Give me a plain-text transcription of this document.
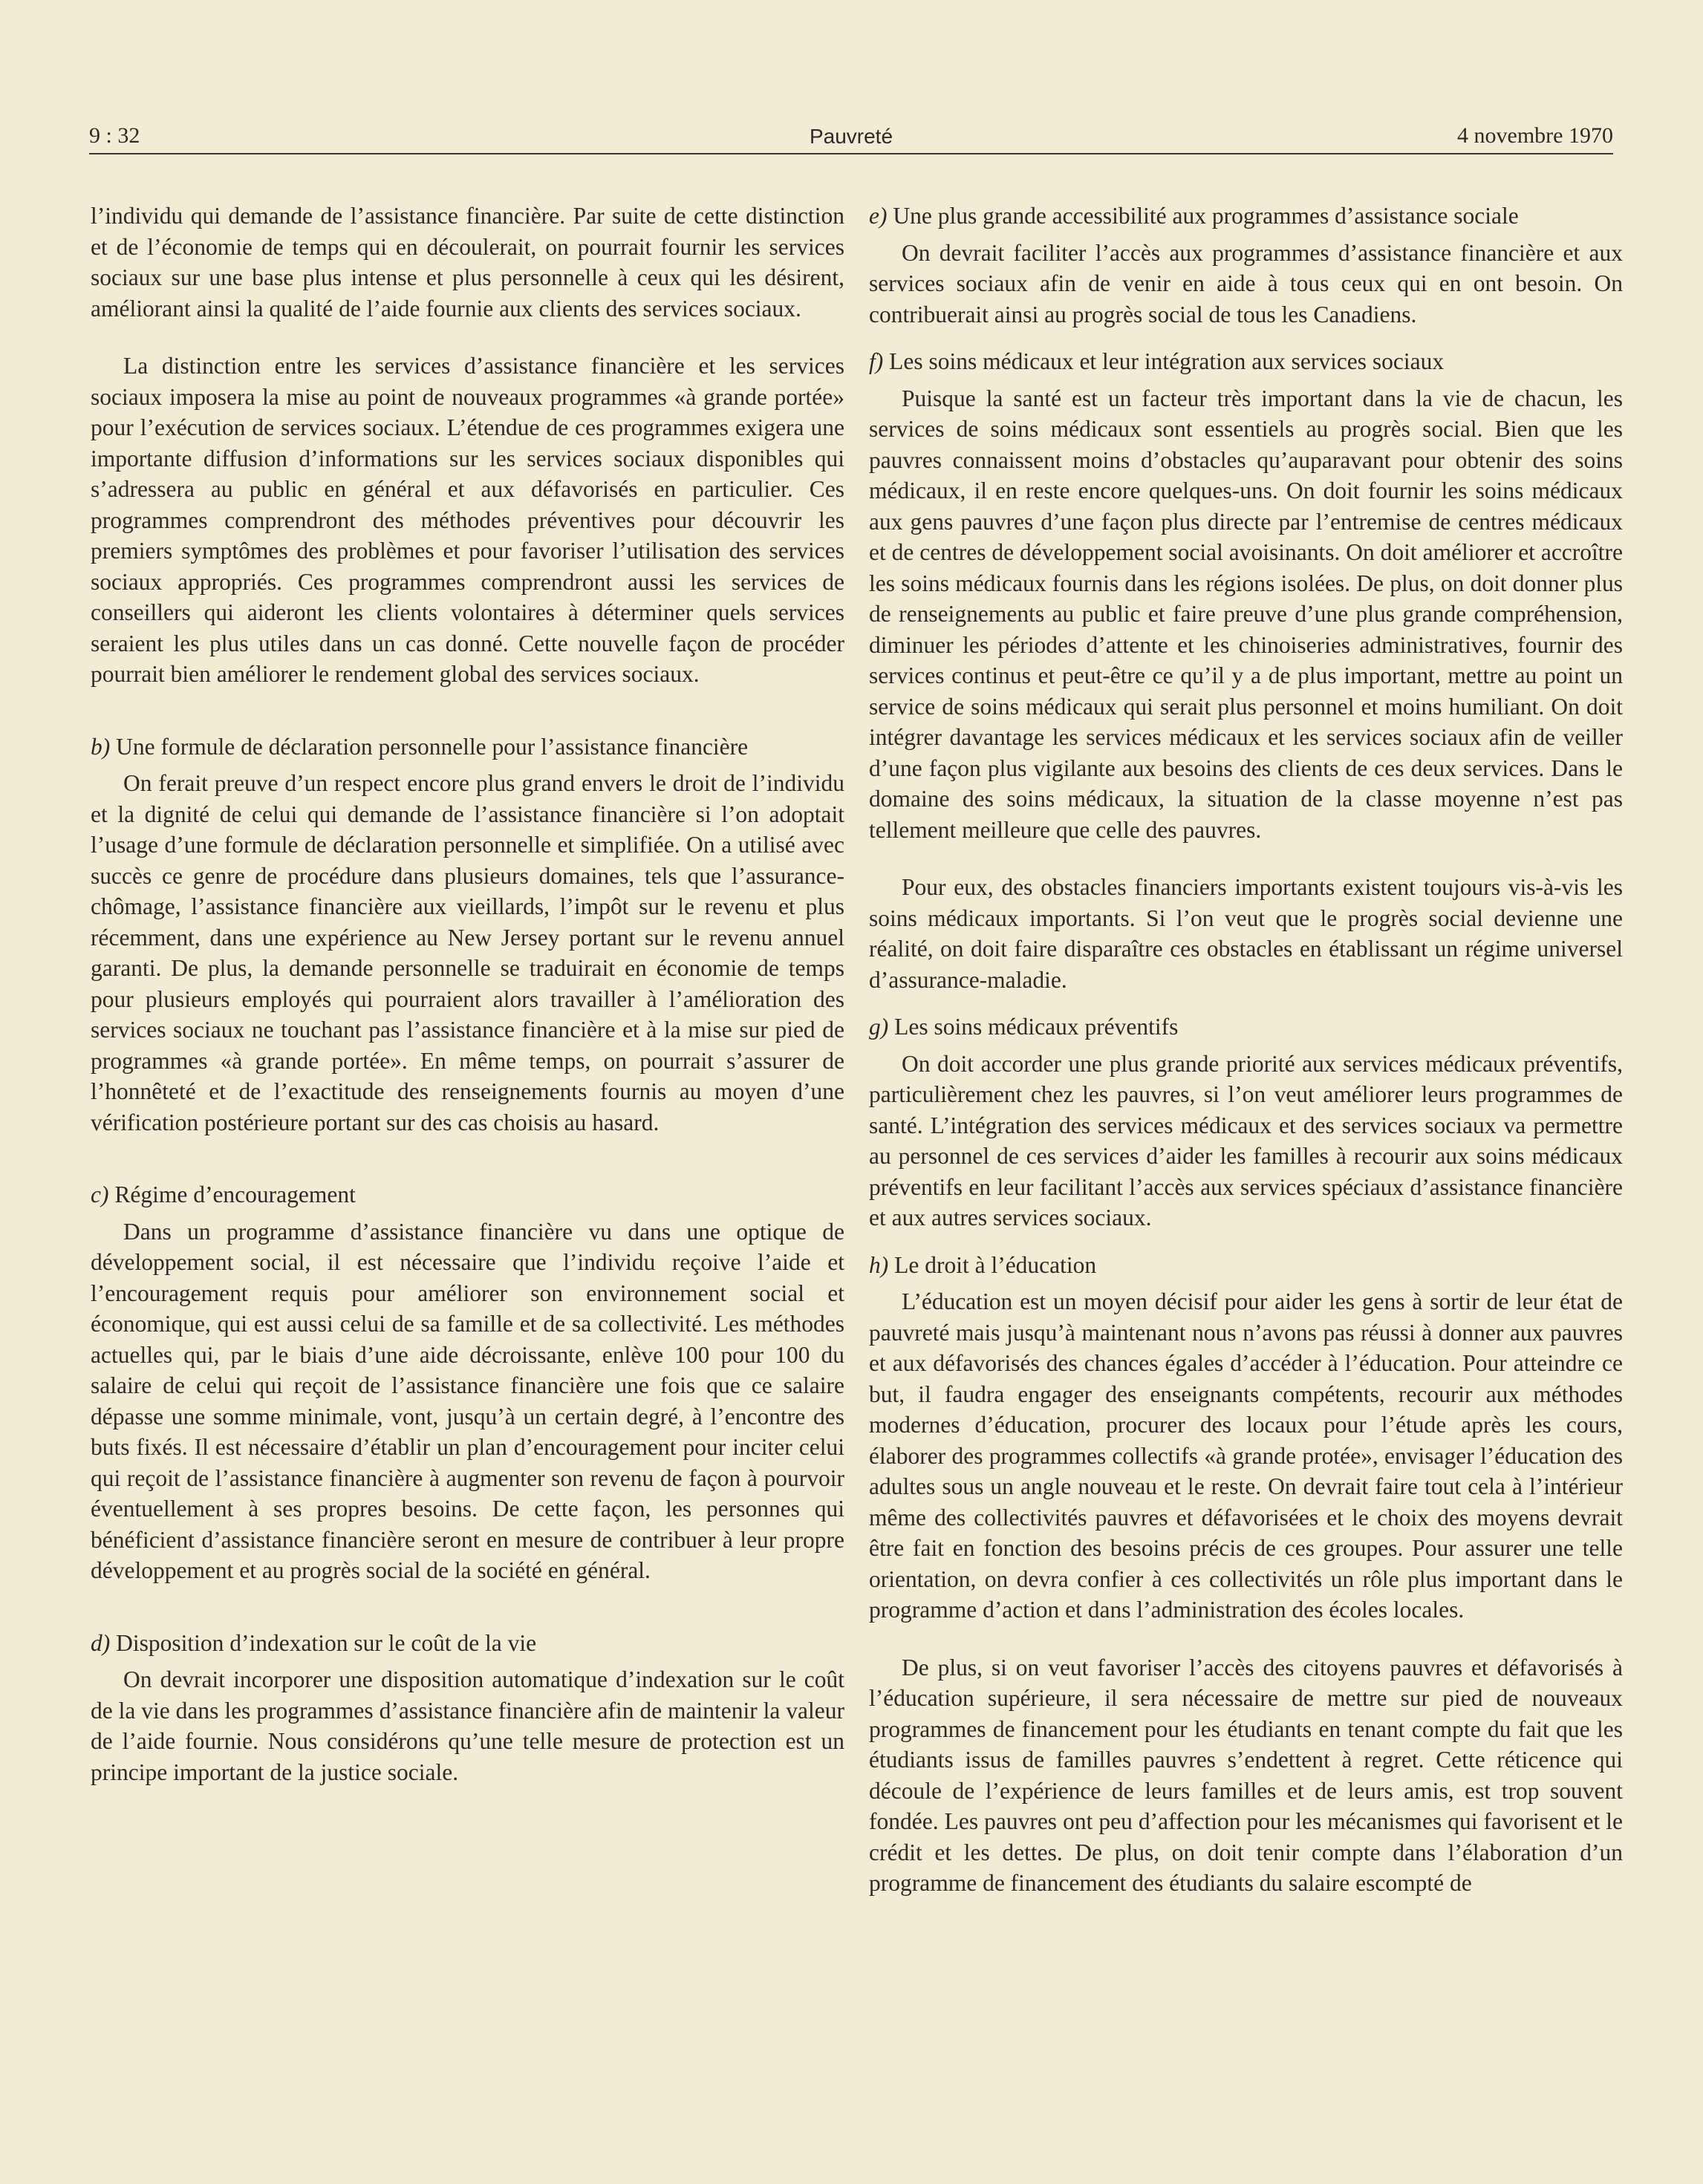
9 : 32	Pauvreté	4 novembre 1970

l’individu qui demande de l’assistance financière. Par suite de cette distinction et de l’économie de temps qui en découlerait, on pourrait fournir les services sociaux sur une base plus intense et plus personnelle à ceux qui les désirent, améliorant ainsi la qualité de l’aide fournie aux clients des services sociaux.

La distinction entre les services d’assistance financière et les services sociaux imposera la mise au point de nouveaux programmes «à grande portée» pour l’exécution de services sociaux. L’étendue de ces programmes exigera une importante diffusion d’informations sur les services sociaux disponibles qui s’adressera au public en général et aux défavorisés en particulier. Ces programmes comprendront des méthodes préventives pour découvrir les premiers symptômes des problèmes et pour favoriser l’utilisation des services sociaux appropriés. Ces programmes comprendront aussi les services de conseillers qui aideront les clients volontaires à déterminer quels services seraient les plus utiles dans un cas donné. Cette nouvelle façon de procéder pourrait bien améliorer le rendement global des services sociaux.

b) Une formule de déclaration personnelle pour l’assistance financière

On ferait preuve d’un respect encore plus grand envers le droit de l’individu et la dignité de celui qui demande de l’assistance financière si l’on adoptait l’usage d’une formule de déclaration personnelle et simplifiée. On a utilisé avec succès ce genre de procédure dans plusieurs domaines, tels que l’assurance-chômage, l’assistance financière aux vieillards, l’impôt sur le revenu et plus récemment, dans une expérience au New Jersey portant sur le revenu annuel garanti. De plus, la demande personnelle se traduirait en économie de temps pour plusieurs employés qui pourraient alors travailler à l’amélioration des services sociaux ne touchant pas l’assistance financière et à la mise sur pied de programmes «à grande portée». En même temps, on pourrait s’assurer de l’honnêteté et de l’exactitude des renseignements fournis au moyen d’une vérification postérieure portant sur des cas choisis au hasard.

c) Régime d’encouragement

Dans un programme d’assistance financière vu dans une optique de développement social, il est nécessaire que l’individu reçoive l’aide et l’encouragement requis pour améliorer son environnement social et économique, qui est aussi celui de sa famille et de sa collectivité. Les méthodes actuelles qui, par le biais d’une aide décroissante, enlève 100 pour 100 du salaire de celui qui reçoit de l’assistance financière une fois que ce salaire dépasse une somme minimale, vont, jusqu’à un certain degré, à l’encontre des buts fixés. Il est nécessaire d’établir un plan d’encouragement pour inciter celui qui reçoit de l’assistance financière à augmenter son revenu de façon à pourvoir éventuellement à ses propres besoins. De cette façon, les personnes qui bénéficient d’assistance financière seront en mesure de contribuer à leur propre développement et au progrès social de la société en général.

d) Disposition d’indexation sur le coût de la vie

On devrait incorporer une disposition automatique d’indexation sur le coût de la vie dans les programmes d’assistance financière afin de maintenir la valeur de l’aide fournie. Nous considérons qu’une telle mesure de protection est un principe important de la justice sociale.

e) Une plus grande accessibilité aux programmes d’assistance sociale

On devrait faciliter l’accès aux programmes d’assistance financière et aux services sociaux afin de venir en aide à tous ceux qui en ont besoin. On contribuerait ainsi au progrès social de tous les Canadiens.

f) Les soins médicaux et leur intégration aux services sociaux

Puisque la santé est un facteur très important dans la vie de chacun, les services de soins médicaux sont essentiels au progrès social. Bien que les pauvres connaissent moins d’obstacles qu’auparavant pour obtenir des soins médicaux, il en reste encore quelques-uns. On doit fournir les soins médicaux aux gens pauvres d’une façon plus directe par l’entremise de centres médicaux et de centres de développement social avoisinants. On doit améliorer et accroître les soins médicaux fournis dans les régions isolées. De plus, on doit donner plus de renseignements au public et faire preuve d’une plus grande compréhension, diminuer les périodes d’attente et les chinoiseries administratives, fournir des services continus et peut-être ce qu’il y a de plus important, mettre au point un service de soins médicaux qui serait plus personnel et moins humiliant. On doit intégrer davantage les services médicaux et les services sociaux afin de veiller d’une façon plus vigilante aux besoins des clients de ces deux services. Dans le domaine des soins médicaux, la situation de la classe moyenne n’est pas tellement meilleure que celle des pauvres.

Pour eux, des obstacles financiers importants existent toujours vis-à-vis les soins médicaux importants. Si l’on veut que le progrès social devienne une réalité, on doit faire disparaître ces obstacles en établissant un régime universel d’assurance-maladie.

g) Les soins médicaux préventifs

On doit accorder une plus grande priorité aux services médicaux préventifs, particulièrement chez les pauvres, si l’on veut améliorer leurs programmes de santé. L’intégration des services médicaux et des services sociaux va permettre au personnel de ces services d’aider les familles à recourir aux soins médicaux préventifs en leur facilitant l’accès aux services spéciaux d’assistance financière et aux autres services sociaux.

h) Le droit à l’éducation

L’éducation est un moyen décisif pour aider les gens à sortir de leur état de pauvreté mais jusqu’à maintenant nous n’avons pas réussi à donner aux pauvres et aux défavorisés des chances égales d’accéder à l’éducation. Pour atteindre ce but, il faudra engager des enseignants compétents, recourir aux méthodes modernes d’éducation, procurer des locaux pour l’étude après les cours, élaborer des programmes collectifs «à grande protée», envisager l’éducation des adultes sous un angle nouveau et le reste. On devrait faire tout cela à l’intérieur même des collectivités pauvres et défavorisées et le choix des moyens devrait être fait en fonction des besoins précis de ces groupes. Pour assurer une telle orientation, on devra confier à ces collectivités un rôle plus important dans le programme d’action et dans l’administration des écoles locales.

De plus, si on veut favoriser l’accès des citoyens pauvres et défavorisés à l’éducation supérieure, il sera nécessaire de mettre sur pied de nouveaux programmes de financement pour les étudiants en tenant compte du fait que les étudiants issus de familles pauvres s’endettent à regret. Cette réticence qui découle de l’expérience de leurs familles et de leurs amis, est trop souvent fondée. Les pauvres ont peu d’affection pour les mécanismes qui favorisent et le crédit et les dettes. De plus, on doit tenir compte dans l’élaboration d’un programme de financement des étudiants du salaire escompté de
